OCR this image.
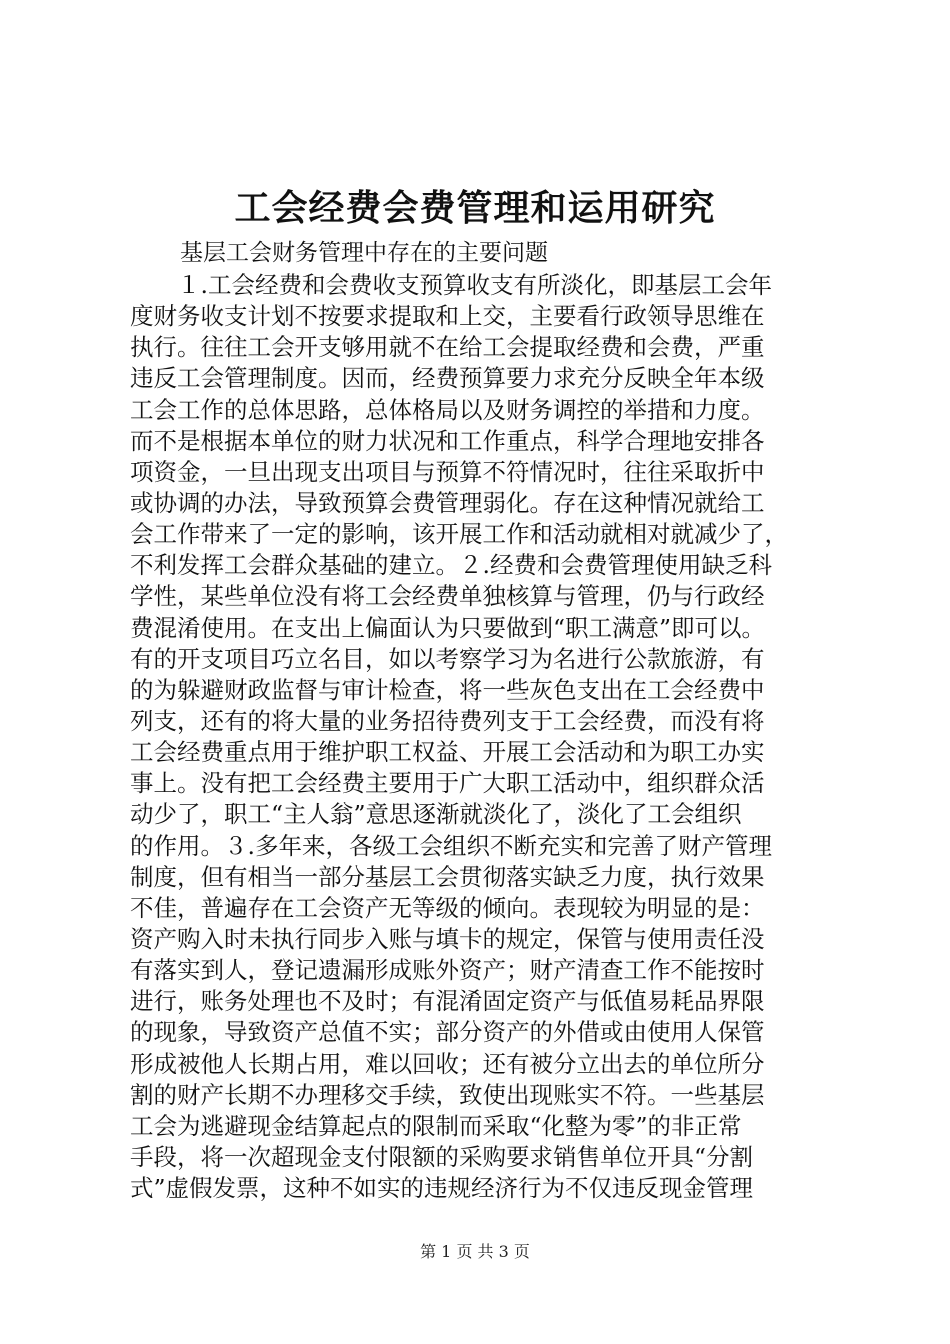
工会经费会费管理和运用研究
基层工会财务管理中存在的主要问题
　　１.工会经费和会费收支预算收支有所淡化，即基层工会年
度财务收支计划不按要求提取和上交，主要看行政领导思维在
执行。往往工会开支够用就不在给工会提取经费和会费，严重
违反工会管理制度。因而，经费预算要力求充分反映全年本级
工会工作的总体思路，总体格局以及财务调控的举措和力度。
而不是根据本单位的财力状况和工作重点，科学合理地安排各
项资金，一旦出现支出项目与预算不符情况时，往往采取折中
或协调的办法，导致预算会费管理弱化。存在这种情况就给工
会工作带来了一定的影响，该开展工作和活动就相对就减少了，
不利发挥工会群众基础的建立。２.经费和会费管理使用缺乏科
学性，某些单位没有将工会经费单独核算与管理，仍与行政经
费混淆使用。在支出上偏面认为只要做到“职工满意”即可以。
有的开支项目巧立名目，如以考察学习为名进行公款旅游，有
的为躲避财政监督与审计检查，将一些灰色支出在工会经费中
列支，还有的将大量的业务招待费列支于工会经费，而没有将
工会经费重点用于维护职工权益、开展工会活动和为职工办实
事上。没有把工会经费主要用于广大职工活动中，组织群众活
动少了，职工“主人翁”意思逐渐就淡化了，淡化了工会组织
的作用。３.多年来，各级工会组织不断充实和完善了财产管理
制度，但有相当一部分基层工会贯彻落实缺乏力度，执行效果
不佳，普遍存在工会资产无等级的倾向。表现较为明显的是：
资产购入时未执行同步入账与填卡的规定，保管与使用责任没
有落实到人，登记遗漏形成账外资产；财产清查工作不能按时
进行，账务处理也不及时；有混淆固定资产与低值易耗品界限
的现象，导致资产总值不实；部分资产的外借或由使用人保管
形成被他人长期占用，难以回收；还有被分立出去的单位所分
割的财产长期不办理移交手续，致使出现账实不符。一些基层
工会为逃避现金结算起点的限制而采取“化整为零”的非正常
手段，将一次超现金支付限额的采购要求销售单位开具“分割
式”虚假发票，这种不如实的违规经济行为不仅违反现金管理
第 1 页 共 3 页
